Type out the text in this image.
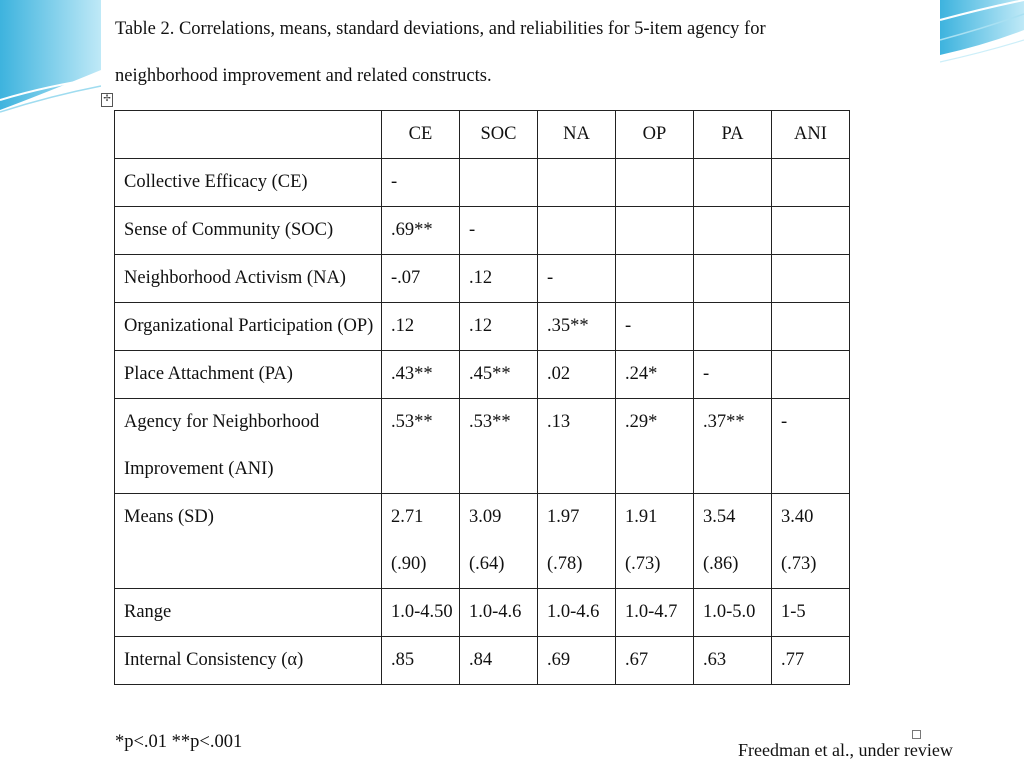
Table 2. Correlations, means, standard deviations, and reliabilities for 5-item agency for
neighborhood improvement and related constructs.
✢
	CE	SOC	NA	OP	PA	ANI
Collective Efficacy (CE)	-					
Sense of Community (SOC)	.69**	-				
Neighborhood Activism (NA)	-.07	.12	-			
Organizational Participation (OP)	.12	.12	.35**	-		
Place Attachment (PA)	.43**	.45**	.02	.24*	-	
Agency for Neighborhood Improvement (ANI)	.53**	.53**	.13	.29*	.37**	-
Means (SD)	2.71 (.90)	3.09 (.64)	1.97 (.78)	1.91 (.73)	3.54 (.86)	3.40 (.73)
Range	1.0-4.50	1.0-4.6	1.0-4.6	1.0-4.7	1.0-5.0	1-5
Internal Consistency (α)	.85	.84	.69	.67	.63	.77

*p<.01 **p<.001	Freedman et al., under review
